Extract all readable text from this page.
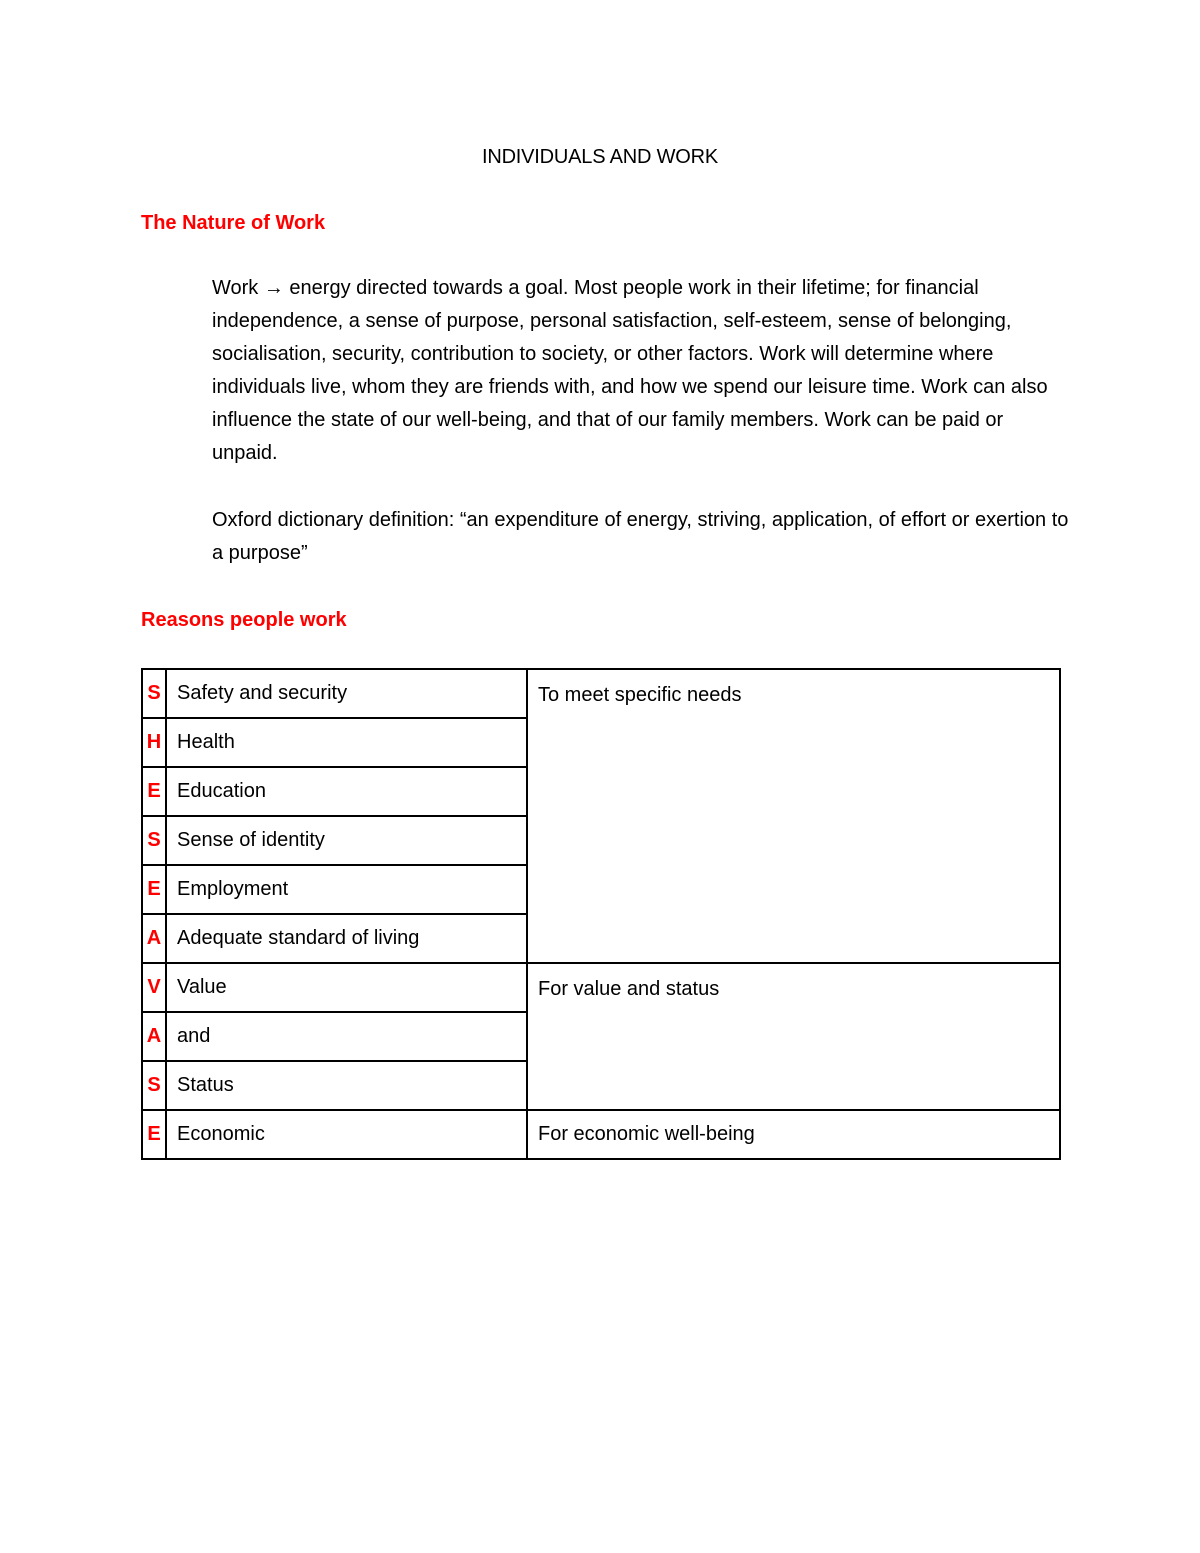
INDIVIDUALS AND WORK
The Nature of Work

Work → energy directed towards a goal. Most people work in their lifetime; for financial independence, a sense of purpose, personal satisfaction, self-esteem, sense of belonging, socialisation, security, contribution to society, or other factors. Work will determine where individuals live, whom they are friends with, and how we spend our leisure time. Work can also influence the state of our well-being, and that of our family members. Work can be paid or unpaid.

Oxford dictionary definition: “an expenditure of energy, striving, application, of effort or exertion to a purpose”

Reasons people work
S	Safety and security	To meet specific needs
H	Health	
E	Education	
S	Sense of identity	
E	Employment	
A	Adequate standard of living	
V	Value	For value and status
A	and	
S	Status	
E	Economic	For economic well-being
